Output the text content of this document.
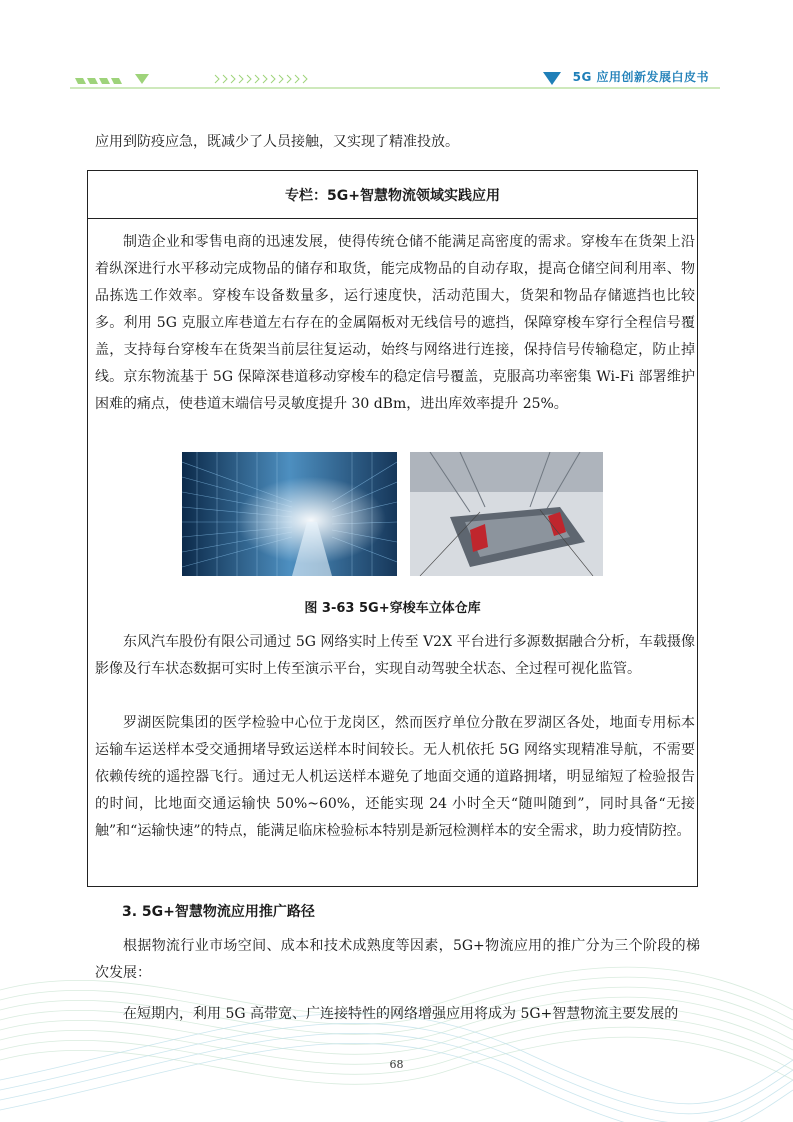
5G 应用创新发展白皮书

应用到防疫应急，既减少了人员接触，又实现了精准投放。

专栏：5G+智慧物流领域实践应用

制造企业和零售电商的迅速发展，使得传统仓储不能满足高密度的需求。穿梭车在货架上沿着纵深进行水平移动完成物品的储存和取货，能完成物品的自动存取，提高仓储空间利用率、物品拣选工作效率。穿梭车设备数量多，运行速度快，活动范围大，货架和物品存储遮挡也比较多。利用 5G 克服立库巷道左右存在的金属隔板对无线信号的遮挡，保障穿梭车穿行全程信号覆盖，支持每台穿梭车在货架当前层往复运动，始终与网络进行连接，保持信号传输稳定，防止掉线。京东物流基于 5G 保障深巷道移动穿梭车的稳定信号覆盖，克服高功率密集 Wi-Fi 部署维护困难的痛点，使巷道末端信号灵敏度提升 30 dBm，进出库效率提升 25%。

图 3-63 5G+穿梭车立体仓库

东风汽车股份有限公司通过 5G 网络实时上传至 V2X 平台进行多源数据融合分析，车载摄像影像及行车状态数据可实时上传至演示平台，实现自动驾驶全状态、全过程可视化监管。

罗湖医院集团的医学检验中心位于龙岗区，然而医疗单位分散在罗湖区各处，地面专用标本运输车运送样本受交通拥堵导致运送样本时间较长。无人机依托 5G 网络实现精准导航，不需要依赖传统的遥控器飞行。通过无人机运送样本避免了地面交通的道路拥堵，明显缩短了检验报告的时间，比地面交通运输快 50%~60%，还能实现 24 小时全天“随叫随到”，同时具备“无接触”和“运输快速”的特点，能满足临床检验标本特别是新冠检测样本的安全需求，助力疫情防控。

3. 5G+智慧物流应用推广路径

根据物流行业市场空间、成本和技术成熟度等因素，5G+物流应用的推广分为三个阶段的梯次发展：

在短期内，利用 5G 高带宽、广连接特性的网络增强应用将成为 5G+智慧物流主要发展的

68
